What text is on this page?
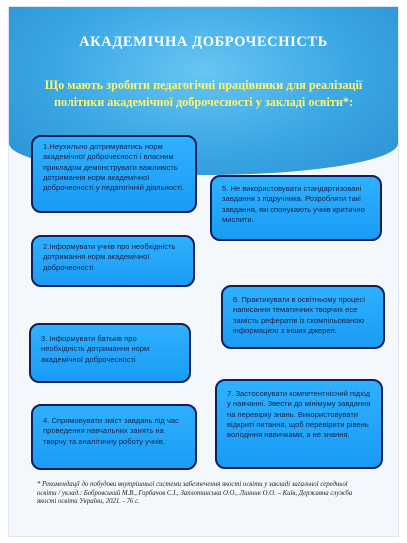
АКАДЕМІЧНА ДОБРОЧЕСНІСТЬ
Що мають зробити педагогічні працівники для реалізації політики академічної доброчесності у закладі освіти*:
1.Неухильно дотримуватись норм академічної доброчесності і власним прикладом демонструвати важливість дотримання норм академічної доброчесності у педагогічній діяльності.
2.Інформувати учнів про необхідність дотримання норм академічної доброчесності
3. Інформувати батьків про необхідність дотримання норм академічної доброчесності
4. Спрямовувати зміст завдань під час проведення навчальних занять на творчу та аналітичну роботу учнів.
5. Не використовувати стандартизовані завдання з підручника. Розробляти такі завдання, які спонукають учнів критично мислити.
6. Практикувати в освітньому процесі написання тематичних творчих есе замість рефератів із скомпільованою інформацією з інших джерел.
7. Застосовувати компетентнісний підхід у навчанні. Звести до мінімуму завдання на перевірку знань. Використовувати відкриті питання, щоб перевірити рівень володіння навичками, а не знання.
* Рекомендації до побудови внутрішньої системи забезпечення якості освіти у закладі загальної середньої освіти / уклад.: Бобровський М.В., Горбачов С.І., Заплотинська О.О., Линник О.О. – Київ, Державна служба якості освіти України, 2021. - 76 с.
